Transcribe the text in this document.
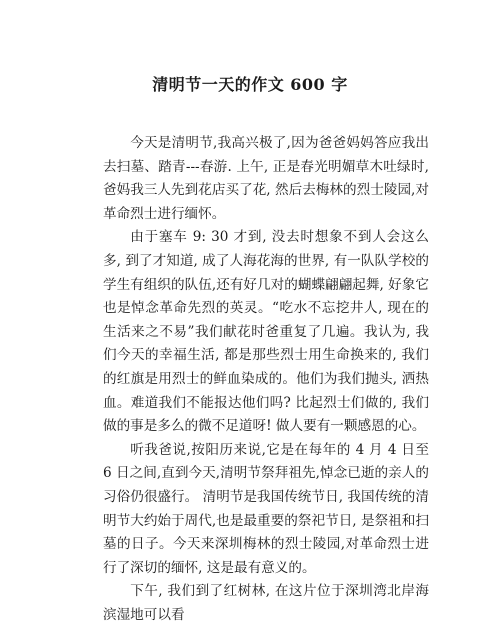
清明节一天的作文 600 字

今天是清明节,我高兴极了,因为爸爸妈妈答应我出去扫墓、踏青---春游. 上午, 正是春光明媚草木吐绿时,爸妈我三人先到花店买了花, 然后去梅林的烈士陵园,对革命烈士进行缅怀。

由于塞车 9: 30 才到, 没去时想象不到人会这么多, 到了才知道, 成了人海花海的世界, 有一队队学校的学生有组织的队伍,还有好几对的蝴蝶翩翩起舞, 好象它也是悼念革命先烈的英灵。“吃水不忘挖井人, 现在的生活来之不易”我们献花时爸重复了几遍。我认为, 我们今天的幸福生活, 都是那些烈士用生命换来的, 我们的红旗是用烈士的鲜血染成的。他们为我们抛头, 洒热血。难道我们不能报达他们吗? 比起烈士们做的, 我们做的事是多么的微不足道呀! 做人要有一颗感恩的心。

听我爸说,按阳历来说,它是在每年的 4 月 4 日至 6 日之间,直到今天,清明节祭拜祖先,悼念已逝的亲人的习俗仍很盛行。 清明节是我国传统节日, 我国传统的清明节大约始于周代,也是最重要的祭祀节日, 是祭祖和扫墓的日子。今天来深圳梅林的烈士陵园,对革命烈士进行了深切的缅怀, 这是最有意义的。

下午, 我们到了红树林, 在这片位于深圳湾北岸海滨湿地可以看
